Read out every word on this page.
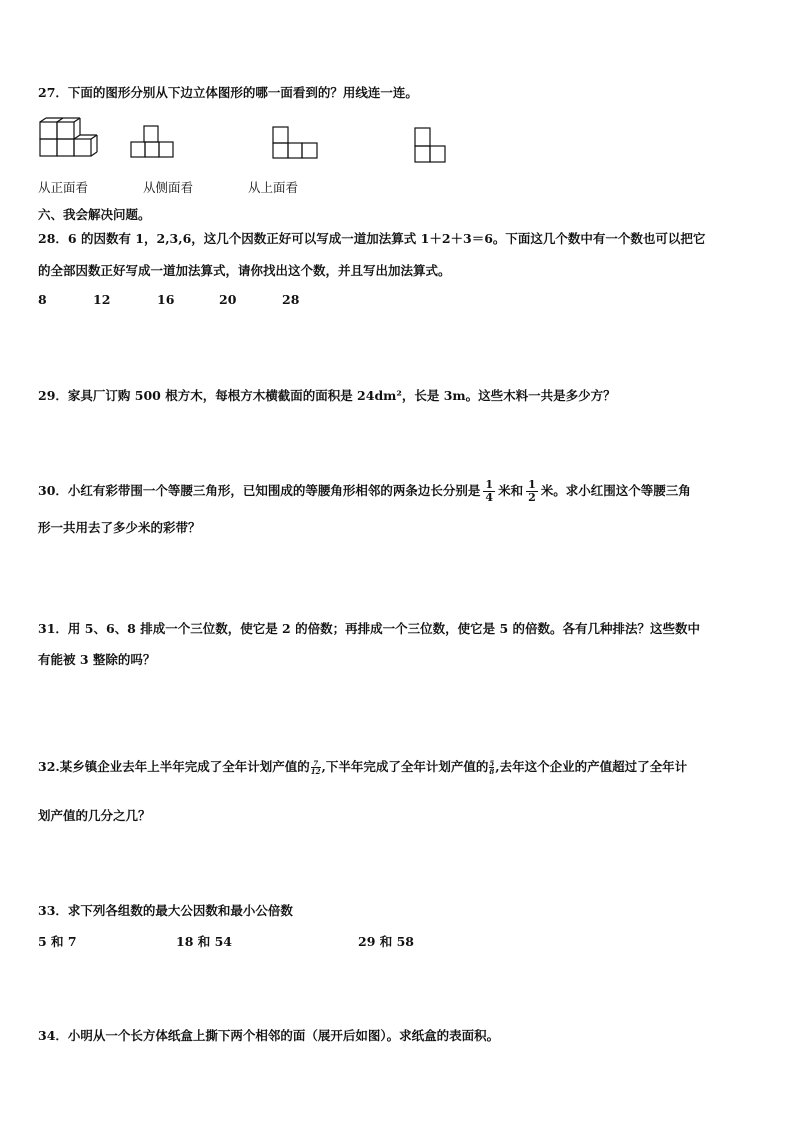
27．下面的图形分别从下边立体图形的哪一面看到的？用线连一连。
从正面看	从侧面看	从上面看
六、我会解决问题。
28．6 的因数有 1，2,3,6，这几个因数正好可以写成一道加法算式 1＋2＋3＝6。下面这几个数中有一个数也可以把它
的全部因数正好写成一道加法算式，请你找出这个数，并且写出加法算式。
8	12	16	20	28
29．家具厂订购 500 根方木，每根方木横截面的面积是 24dm²，长是 3m。这些木料一共是多少方？
30．小红有彩带围一个等腰三角形，已知围成的等腰角形相邻的两条边长分别是 $\frac{1}{4}$ 米和 $\frac{1}{2}$ 米。求小红围这个等腰三角
形一共用去了多少米的彩带？
31．用 5、6、8 排成一个三位数，使它是 2 的倍数；再排成一个三位数，使它是 5 的倍数。各有几种排法？这些数中
有能被 3 整除的吗？
32.某乡镇企业去年上半年完成了全年计划产值的 $\frac{7}{12}$ ,下半年完成了全年计划产值的 $\frac{5}{8}$ ,去年这个企业的产值超过了全年计
划产值的几分之几？
33．求下列各组数的最大公因数和最小公倍数
5 和 7	18 和 54	29 和 58
34．小明从一个长方体纸盒上撕下两个相邻的面（展开后如图）。求纸盒的表面积。
